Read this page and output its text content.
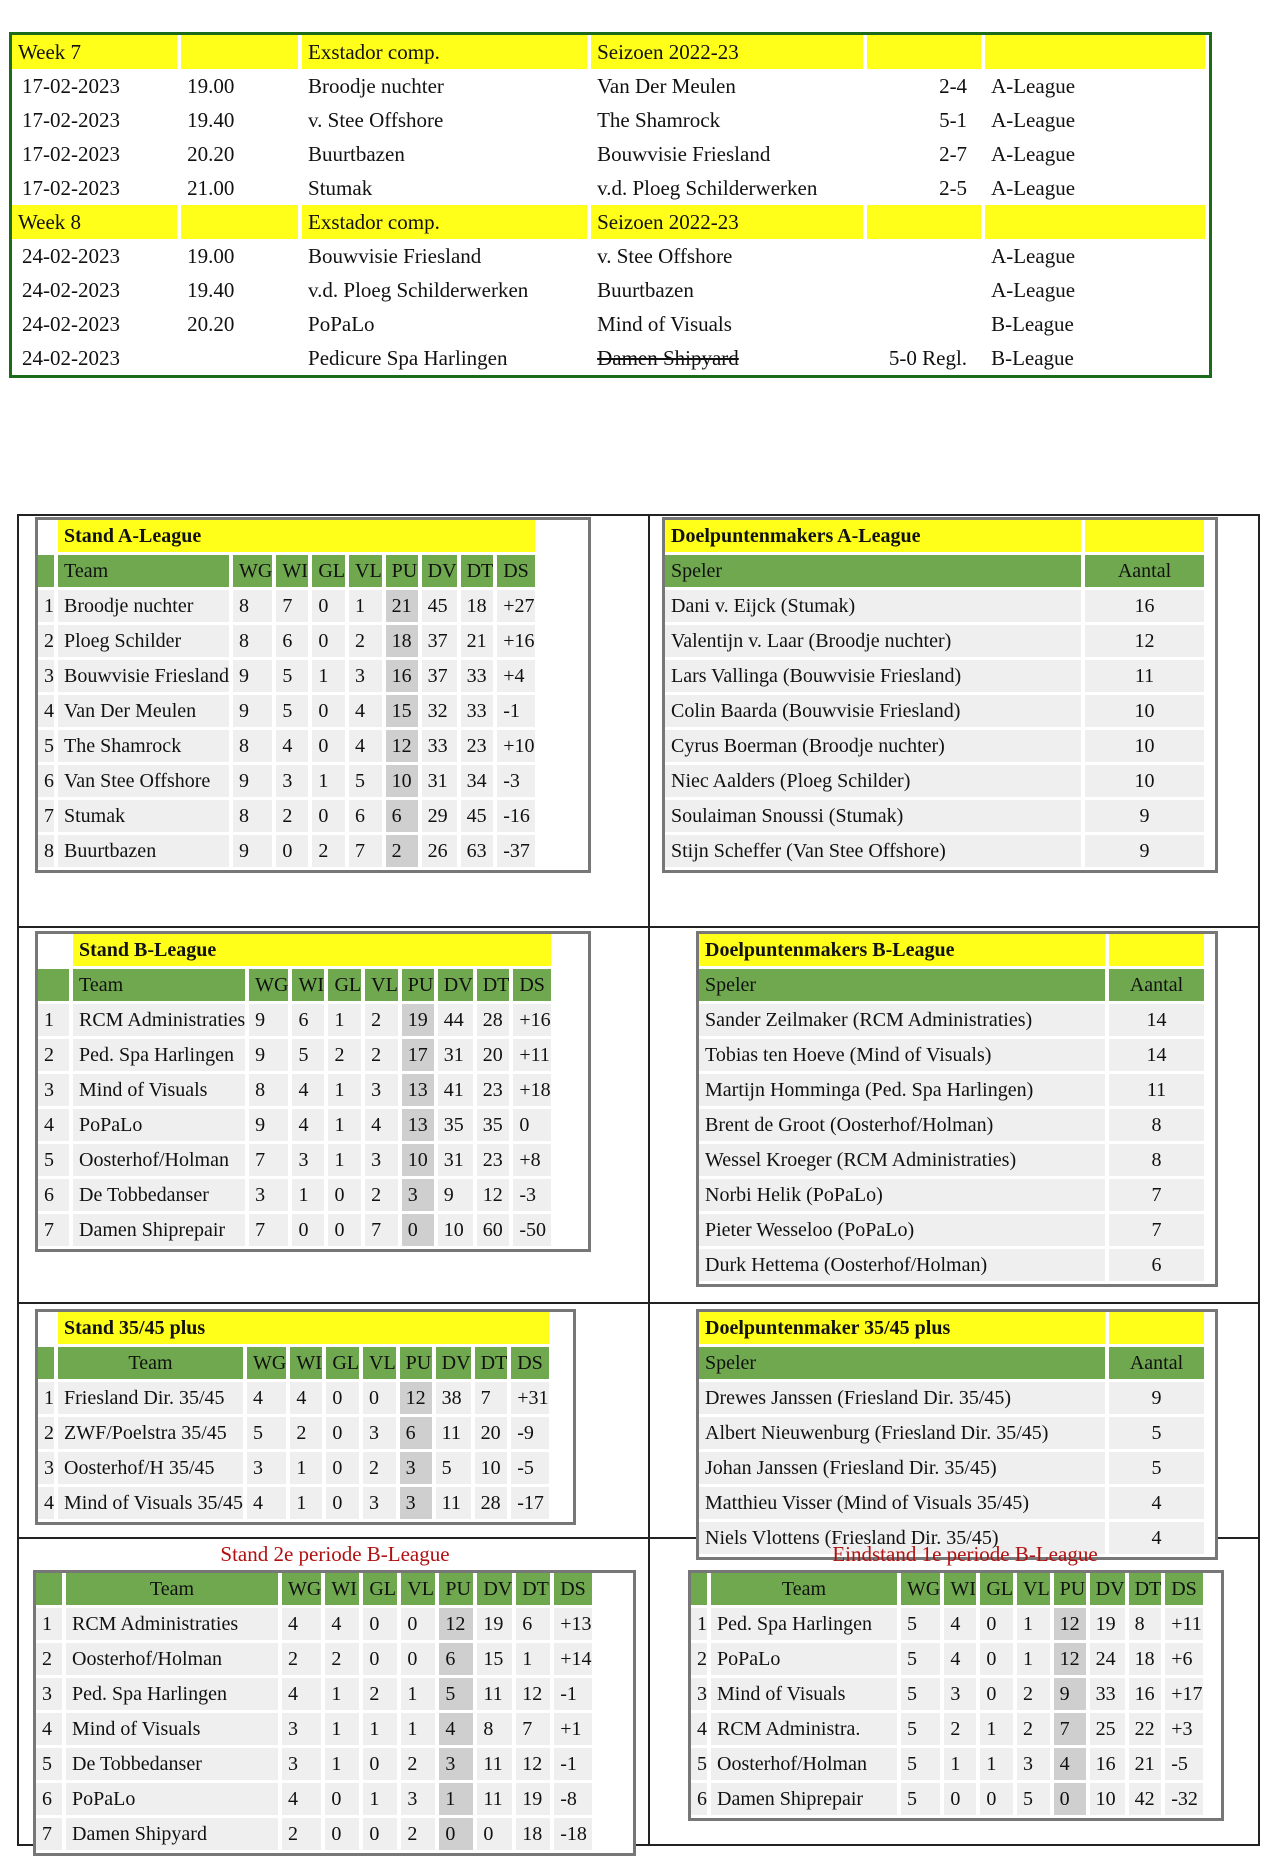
Week 7		Exstador comp.	Seizoen 2022-23		
17-02-2023	19.00	Broodje nuchter	Van Der Meulen	2-4	A-League
17-02-2023	19.40	v. Stee Offshore	The Shamrock	5-1	A-League
17-02-2023	20.20	Buurtbazen	Bouwvisie Friesland	2-7	A-League
17-02-2023	21.00	Stumak	v.d. Ploeg Schilderwerken	2-5	A-League
Week 8		Exstador comp.	Seizoen 2022-23		
24-02-2023	19.00	Bouwvisie Friesland	v. Stee Offshore		A-League
24-02-2023	19.40	v.d. Ploeg Schilderwerken	Buurtbazen		A-League
24-02-2023	20.20	PoPaLo	Mind of Visuals		B-League
24-02-2023		Pedicure Spa Harlingen	Damen Shipyard	5-0 Regl.	B-League
	Stand A-League								
	Team	WG	WI	GL	VL	PU	DV	DT	DS
1	Broodje nuchter	8	7	0	1	21	45	18	+27
2	Ploeg Schilder	8	6	0	2	18	37	21	+16
3	Bouwvisie Friesland	9	5	1	3	16	37	33	+4
4	Van Der Meulen	9	5	0	4	15	32	33	-1
5	The Shamrock	8	4	0	4	12	33	23	+10
6	Van Stee Offshore	9	3	1	5	10	31	34	-3
7	Stumak	8	2	0	6	6	29	45	-16
8	Buurtbazen	9	0	2	7	2	26	63	-37
Doelpuntenmakers A-League	
Speler	Aantal
Dani v. Eijck (Stumak)	16
Valentijn v. Laar (Broodje nuchter)	12
Lars Vallinga (Bouwvisie Friesland)	11
Colin Baarda (Bouwvisie Friesland)	10
Cyrus Boerman (Broodje nuchter)	10
Niec Aalders (Ploeg Schilder)	10
Soulaiman Snoussi (Stumak)	9
Stijn Scheffer (Van Stee Offshore)	9
	Stand B-League								
	Team	WG	WI	GL	VL	PU	DV	DT	DS
1	RCM Administraties	9	6	1	2	19	44	28	+16
2	Ped. Spa Harlingen	9	5	2	2	17	31	20	+11
3	Mind of Visuals	8	4	1	3	13	41	23	+18
4	PoPaLo	9	4	1	4	13	35	35	0
5	Oosterhof/Holman	7	3	1	3	10	31	23	+8
6	De Tobbedanser	3	1	0	2	3	9	12	-3
7	Damen Shiprepair	7	0	0	7	0	10	60	-50
Doelpuntenmakers B-League	
Speler	Aantal
Sander Zeilmaker (RCM Administraties)	14
Tobias ten Hoeve (Mind of Visuals)	14
Martijn Homminga (Ped. Spa Harlingen)	11
Brent de Groot (Oosterhof/Holman)	8
Wessel Kroeger (RCM Administraties)	8
Norbi Helik (PoPaLo)	7
Pieter Wesseloo (PoPaLo)	7
Durk Hettema (Oosterhof/Holman)	6
	Stand 35/45 plus								
	Team	WG	WI	GL	VL	PU	DV	DT	DS
1	Friesland Dir. 35/45	4	4	0	0	12	38	7	+31
2	ZWF/Poelstra 35/45	5	2	0	3	6	11	20	-9
3	Oosterhof/H 35/45	3	1	0	2	3	5	10	-5
4	Mind of Visuals 35/45	4	1	0	3	3	11	28	-17
Doelpuntenmaker 35/45 plus	
Speler	Aantal
Drewes Janssen (Friesland Dir. 35/45)	9
Albert Nieuwenburg (Friesland Dir. 35/45)	5
Johan Janssen (Friesland Dir. 35/45)	5
Matthieu Visser (Mind of Visuals 35/45)	4
Niels Vlottens (Friesland Dir. 35/45)	4
Stand 2e periode B-League	Eindstand 1e periode B-League
	Team	WG	WI	GL	VL	PU	DV	DT	DS
1	RCM Administraties	4	4	0	0	12	19	6	+13
2	Oosterhof/Holman	2	2	0	0	6	15	1	+14
3	Ped. Spa Harlingen	4	1	2	1	5	11	12	-1
4	Mind of Visuals	3	1	1	1	4	8	7	+1
5	De Tobbedanser	3	1	0	2	3	11	12	-1
6	PoPaLo	4	0	1	3	1	11	19	-8
7	Damen Shipyard	2	0	0	2	0	0	18	-18
	Team	WG	WI	GL	VL	PU	DV	DT	DS
1	Ped. Spa Harlingen	5	4	0	1	12	19	8	+11
2	PoPaLo	5	4	0	1	12	24	18	+6
3	Mind of Visuals	5	3	0	2	9	33	16	+17
4	RCM Administra.	5	2	1	2	7	25	22	+3
5	Oosterhof/Holman	5	1	1	3	4	16	21	-5
6	Damen Shiprepair	5	0	0	5	0	10	42	-32
